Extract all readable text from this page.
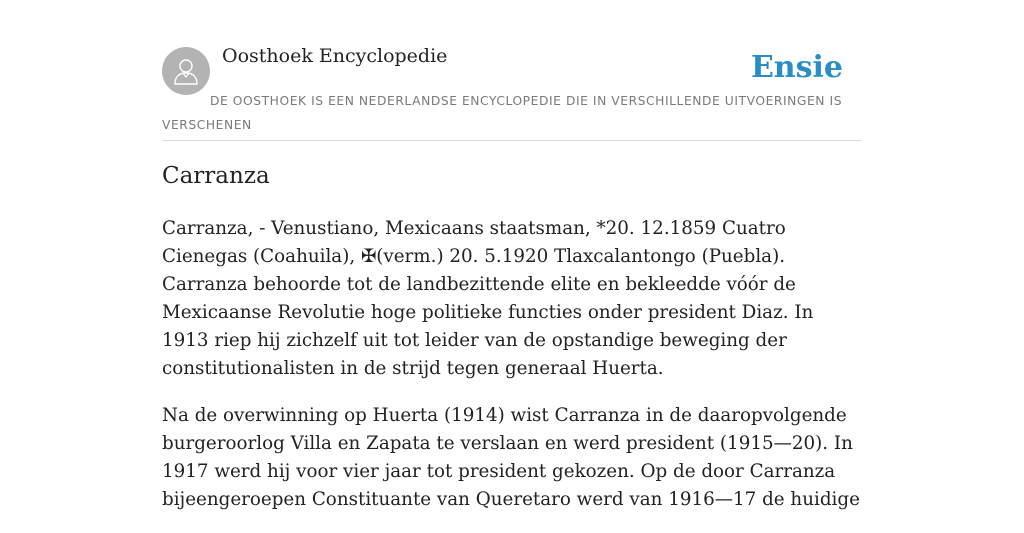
Oosthoek Encyclopedie	Ensie
DE OOSTHOEK IS EEN NEDERLANDSE ENCYCLOPEDIE DIE IN VERSCHILLENDE UITVOERINGEN IS VERSCHENEN
Carranza

Carranza, - Venustiano, Mexicaans staatsman, *20. 12.1859 Cuatro Cienegas (Coahuila), ✠(verm.) 20. 5.1920 Tlaxcalantongo (Puebla). Carranza behoorde tot de landbezittende elite en bekleedde vóór de Mexicaanse Revolutie hoge politieke functies onder president Diaz. In 1913 riep hij zichzelf uit tot leider van de opstandige beweging der constitutionalisten in de strijd tegen generaal Huerta.

Na de overwinning op Huerta (1914) wist Carranza in de daaropvolgende burgeroorlog Villa en Zapata te verslaan en werd president (1915—20). In 1917 werd hij voor vier jaar tot president gekozen. Op de door Carranza bijeengeroepen Constituante van Queretaro werd van 1916—17 de huidige
